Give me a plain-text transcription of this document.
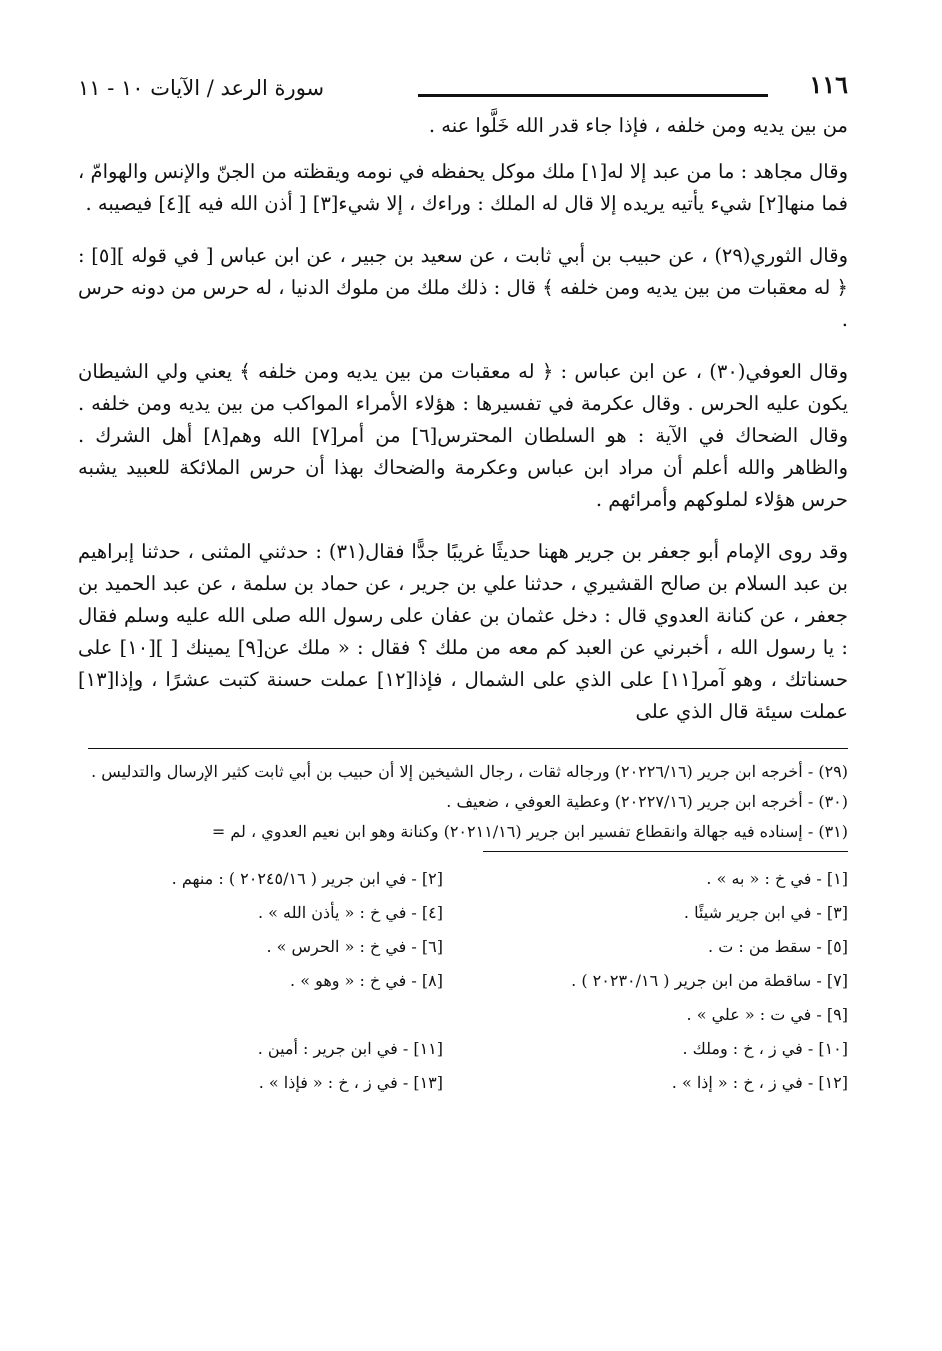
١١٦
سورة الرعد / الآيات ١٠ - ١١

من بين يديه ومن خلفه ، فإذا جاء قدر الله خَلَّوا عنه .

وقال مجاهد : ما من عبد إلا له[١] ملك موكل يحفظه في نومه ويقظته من الجنّ والإنس والهوامّ ، فما منها[٢] شيء يأتيه يريده إلا قال له الملك : وراءك ، إلا شيء[٣] [ أذن الله فيه ][٤] فيصيبه .

وقال الثوري(٢٩) ، عن حبيب بن أبي ثابت ، عن سعيد بن جبير ، عن ابن عباس [ في قوله ][٥] : ﴿ له معقبات من بين يديه ومن خلفه ﴾ قال : ذلك ملك من ملوك الدنيا ، له حرس من دونه حرس .

وقال العوفي(٣٠) ، عن ابن عباس : ﴿ له معقبات من بين يديه ومن خلفه ﴾ يعني ولي الشيطان يكون عليه الحرس . وقال عكرمة في تفسيرها : هؤلاء الأمراء المواكب من بين يديه ومن خلفه . وقال الضحاك في الآية : هو السلطان المحترس[٦] من أمر[٧] الله وهم[٨] أهل الشرك . والظاهر والله أعلم أن مراد ابن عباس وعكرمة والضحاك بهذا أن حرس الملائكة للعبيد يشبه حرس هؤلاء لملوكهم وأمرائهم .

وقد روى الإمام أبو جعفر بن جرير ههنا حديثًا غريبًا جدًّا فقال(٣١) : حدثني المثنى ، حدثنا إبراهيم بن عبد السلام بن صالح القشيري ، حدثنا علي بن جرير ، عن حماد بن سلمة ، عن عبد الحميد بن جعفر ، عن كنانة العدوي قال : دخل عثمان بن عفان على رسول الله صلى الله عليه وسلم فقال : يا رسول الله ، أخبرني عن العبد كم معه من ملك ؟ فقال : « ملك عن[٩] يمينك [ ][١٠] على حسناتك ، وهو آمر[١١] على الذي على الشمال ، فإذا[١٢] عملت حسنة كتبت عشرًا ، وإذا[١٣] عملت سيئة قال الذي على

(٢٩) - أخرجه ابن جرير (٢٠٢٢٦/١٦) ورجاله ثقات ، رجال الشيخين إلا أن حبيب بن أبي ثابت كثير الإرسال والتدليس .
(٣٠) - أخرجه ابن جرير (٢٠٢٢٧/١٦) وعطية العوفي ، ضعيف .
(٣١) - إسناده فيه جهالة وانقطاع تفسير ابن جرير (٢٠٢١١/١٦) وكنانة وهو ابن نعيم العدوي ، لم =
[١] - في خ : « به » .
[٢] - في ابن جرير ( ٢٠٢٤٥/١٦ ) : منهم .
[٣] - في ابن جرير شيئًا .
[٤] - في خ : « يأذن الله » .
[٥] - سقط من : ت .
[٦] - في خ : « الحرس » .
[٧] - ساقطة من ابن جرير ( ٢٠٢٣٠/١٦ ) .
[٨] - في خ : « وهو » .
[٩] - في ت : « علي » .
[١٠] - في ز ، خ : وملك .
[١١] - في ابن جرير : أمين .
[١٢] - في ز ، خ : « إذا » .
[١٣] - في ز ، خ : « فإذا » .
